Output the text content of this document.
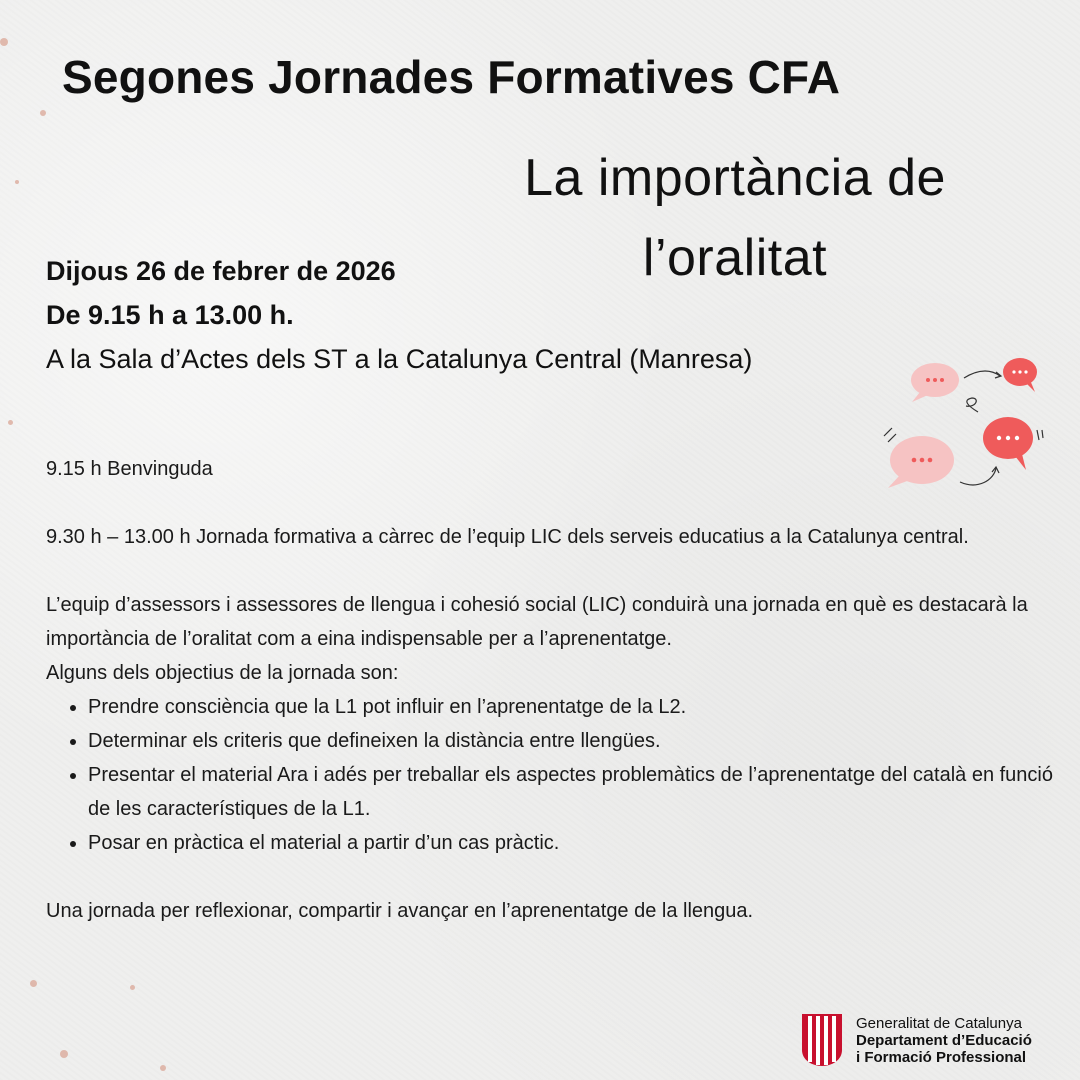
Segones Jornades Formatives CFA
La importància de
l’oralitat
Dijous 26 de febrer de 2026
De 9.15 h a 13.00 h.
A la Sala d’Actes dels ST a la Catalunya Central (Manresa)

9.15 h Benvinguda

9.30 h – 13.00 h Jornada formativa a càrrec de l’equip LIC dels serveis educatius a la Catalunya central.

L’equip d’assessors i assessores de llengua i cohesió social (LIC) conduirà una jornada en què es destacarà la importància de l’oralitat com a eina indispensable per a l’aprenentatge.

Alguns dels objectius de la jornada son:

• Prendre consciència que la L1 pot influir en l’aprenentatge de la L2.
• Determinar els criteris que defineixen la distància entre llengües.
• Presentar el material Ara i adés per treballar els aspectes problemàtics de l’aprenentatge del català en funció de les característiques de la L1.
• Posar en pràctica el material a partir d’un cas pràctic.

Una jornada per reflexionar, compartir i avançar en l’aprenentatge de la llengua.

Generalitat de Catalunya
Departament d’Educació
i Formació Professional
